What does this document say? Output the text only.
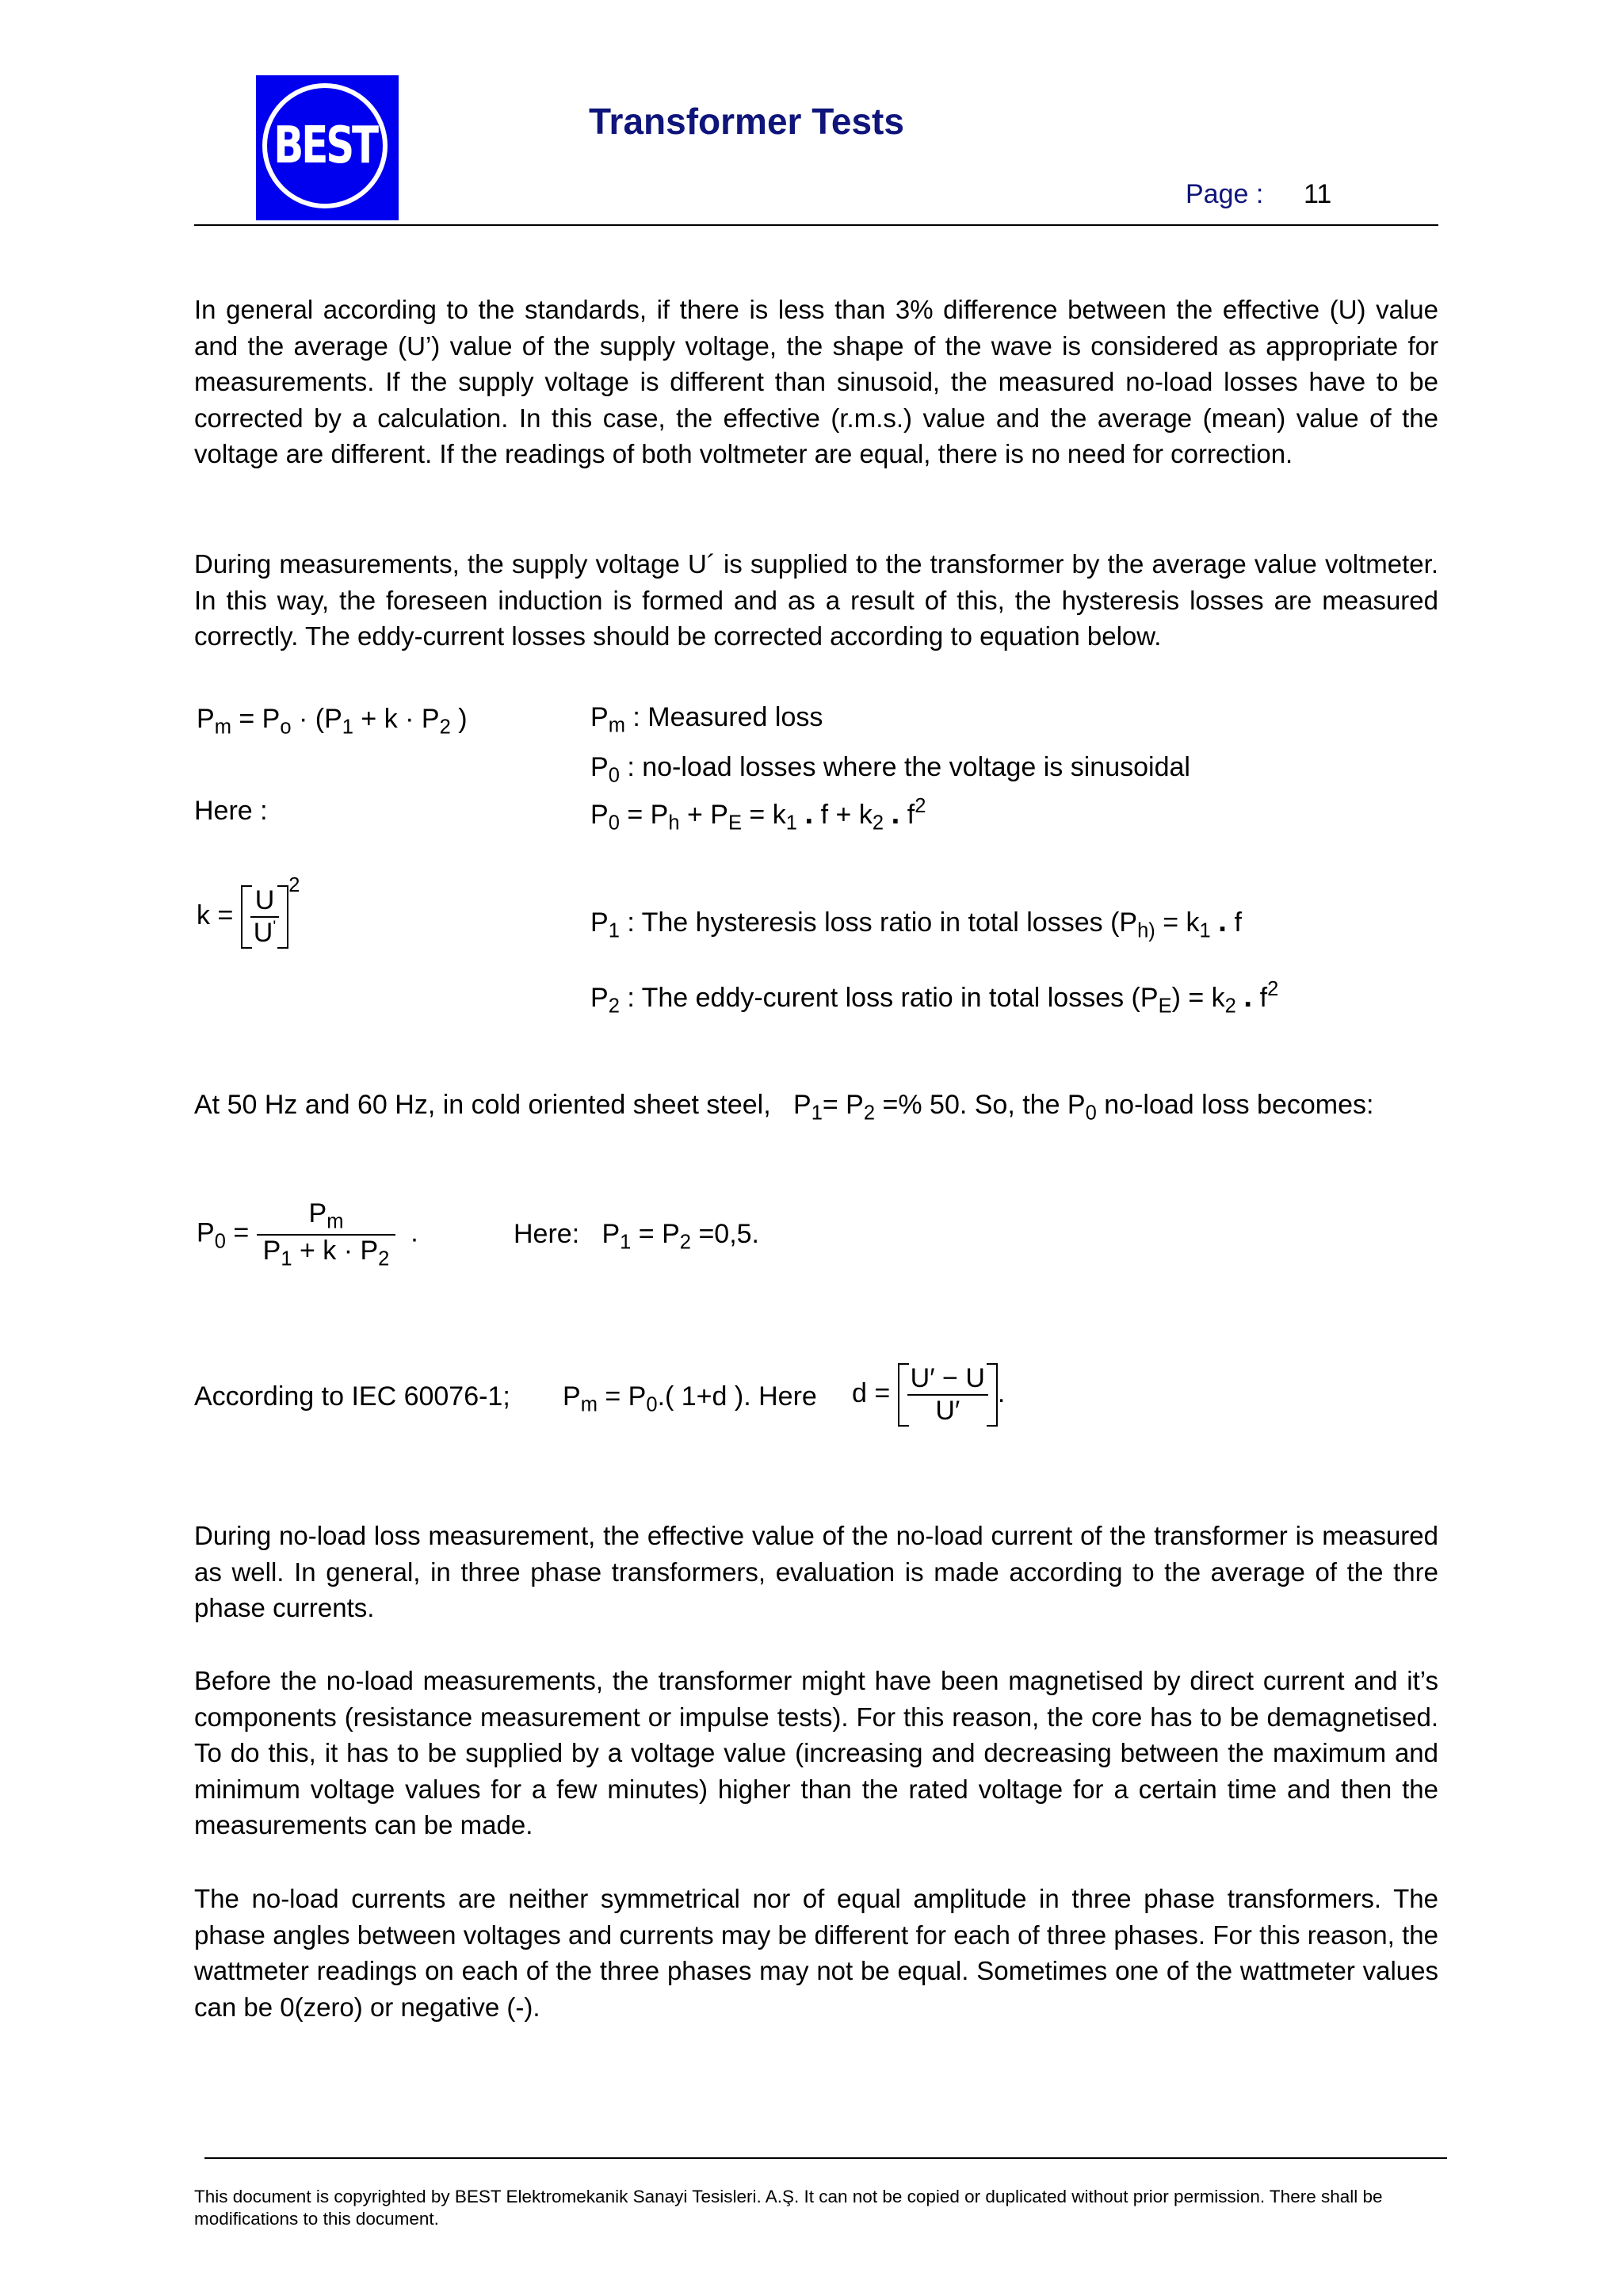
BEST	Transformer Tests
Page : 11

In general according to the standards, if there is less than 3% difference between the effective (U) value and the average (U’) value of the supply voltage, the shape of the wave is considered as appropriate for measurements. If the supply voltage is different than sinusoid, the measured no-load losses have to be corrected by a calculation. In this case, the effective (r.m.s.) value and the average (mean) value of the voltage are different. If the readings of both voltmeter are equal, there is no need for correction.

During measurements, the supply voltage U´ is supplied to the transformer by the average value voltmeter. In this way, the foreseen induction is formed and as a result of this, the hysteresis losses are measured correctly. The eddy-current losses should be corrected according to equation below.

$P_m = P_o \cdot (P_1 + k \cdot P_2$ )	$P_m$ : Measured loss
$P_0$ : no-load losses where the voltage is sinusoidal
Here :	$P_0 = P_h + P_E = k_1$ . $f + k_2$ . $f^2$
$k = \frac{U}{U'} ^2$
$P_1$ : The hysteresis loss ratio in total losses ($P_{h)} = k_1$ . f
$P_2$ : The eddy-curent loss ratio in total losses $(P_E) = k_2$ . $f^2$
At 50 Hz and 60 Hz, in cold oriented sheet steel,   $P_1= P_2$ =% 50. So, the $P_0$ no-load loss becomes:
$P_0 = \frac{P_m}{P_1 + k \cdot P_2}$ .	Here:   $P_1 = P_2 =0,5$.
According to IEC 60076-1; $P_m = P_0$.( 1+d ). Here $d = \frac{U' - U}{U'}$ .

During no-load loss measurement, the effective value of the no-load current of the transformer is measured as well. In general, in three phase transformers, evaluation is made according to the average of the thre phase currents.

Before the no-load measurements, the transformer might have been magnetised by direct current and it’s components (resistance measurement or impulse tests). For this reason, the core has to be demagnetised. To do this, it has to be supplied by a voltage value (increasing and decreasing between the maximum and minimum voltage values for a few minutes) higher than the rated voltage for a certain time and then the measurements can be made.

The no-load currents are neither symmetrical nor of equal amplitude in three phase transformers. The phase angles between voltages and currents may be different for each of three phases. For this reason, the wattmeter readings on each of the three phases may not be equal. Sometimes one of the wattmeter values can be 0(zero) or negative (-).

This document is copyrighted by BEST Elektromekanik Sanayi Tesisleri. A.Ş. It can not be copied or duplicated without prior permission. There shall be modifications to this document.
